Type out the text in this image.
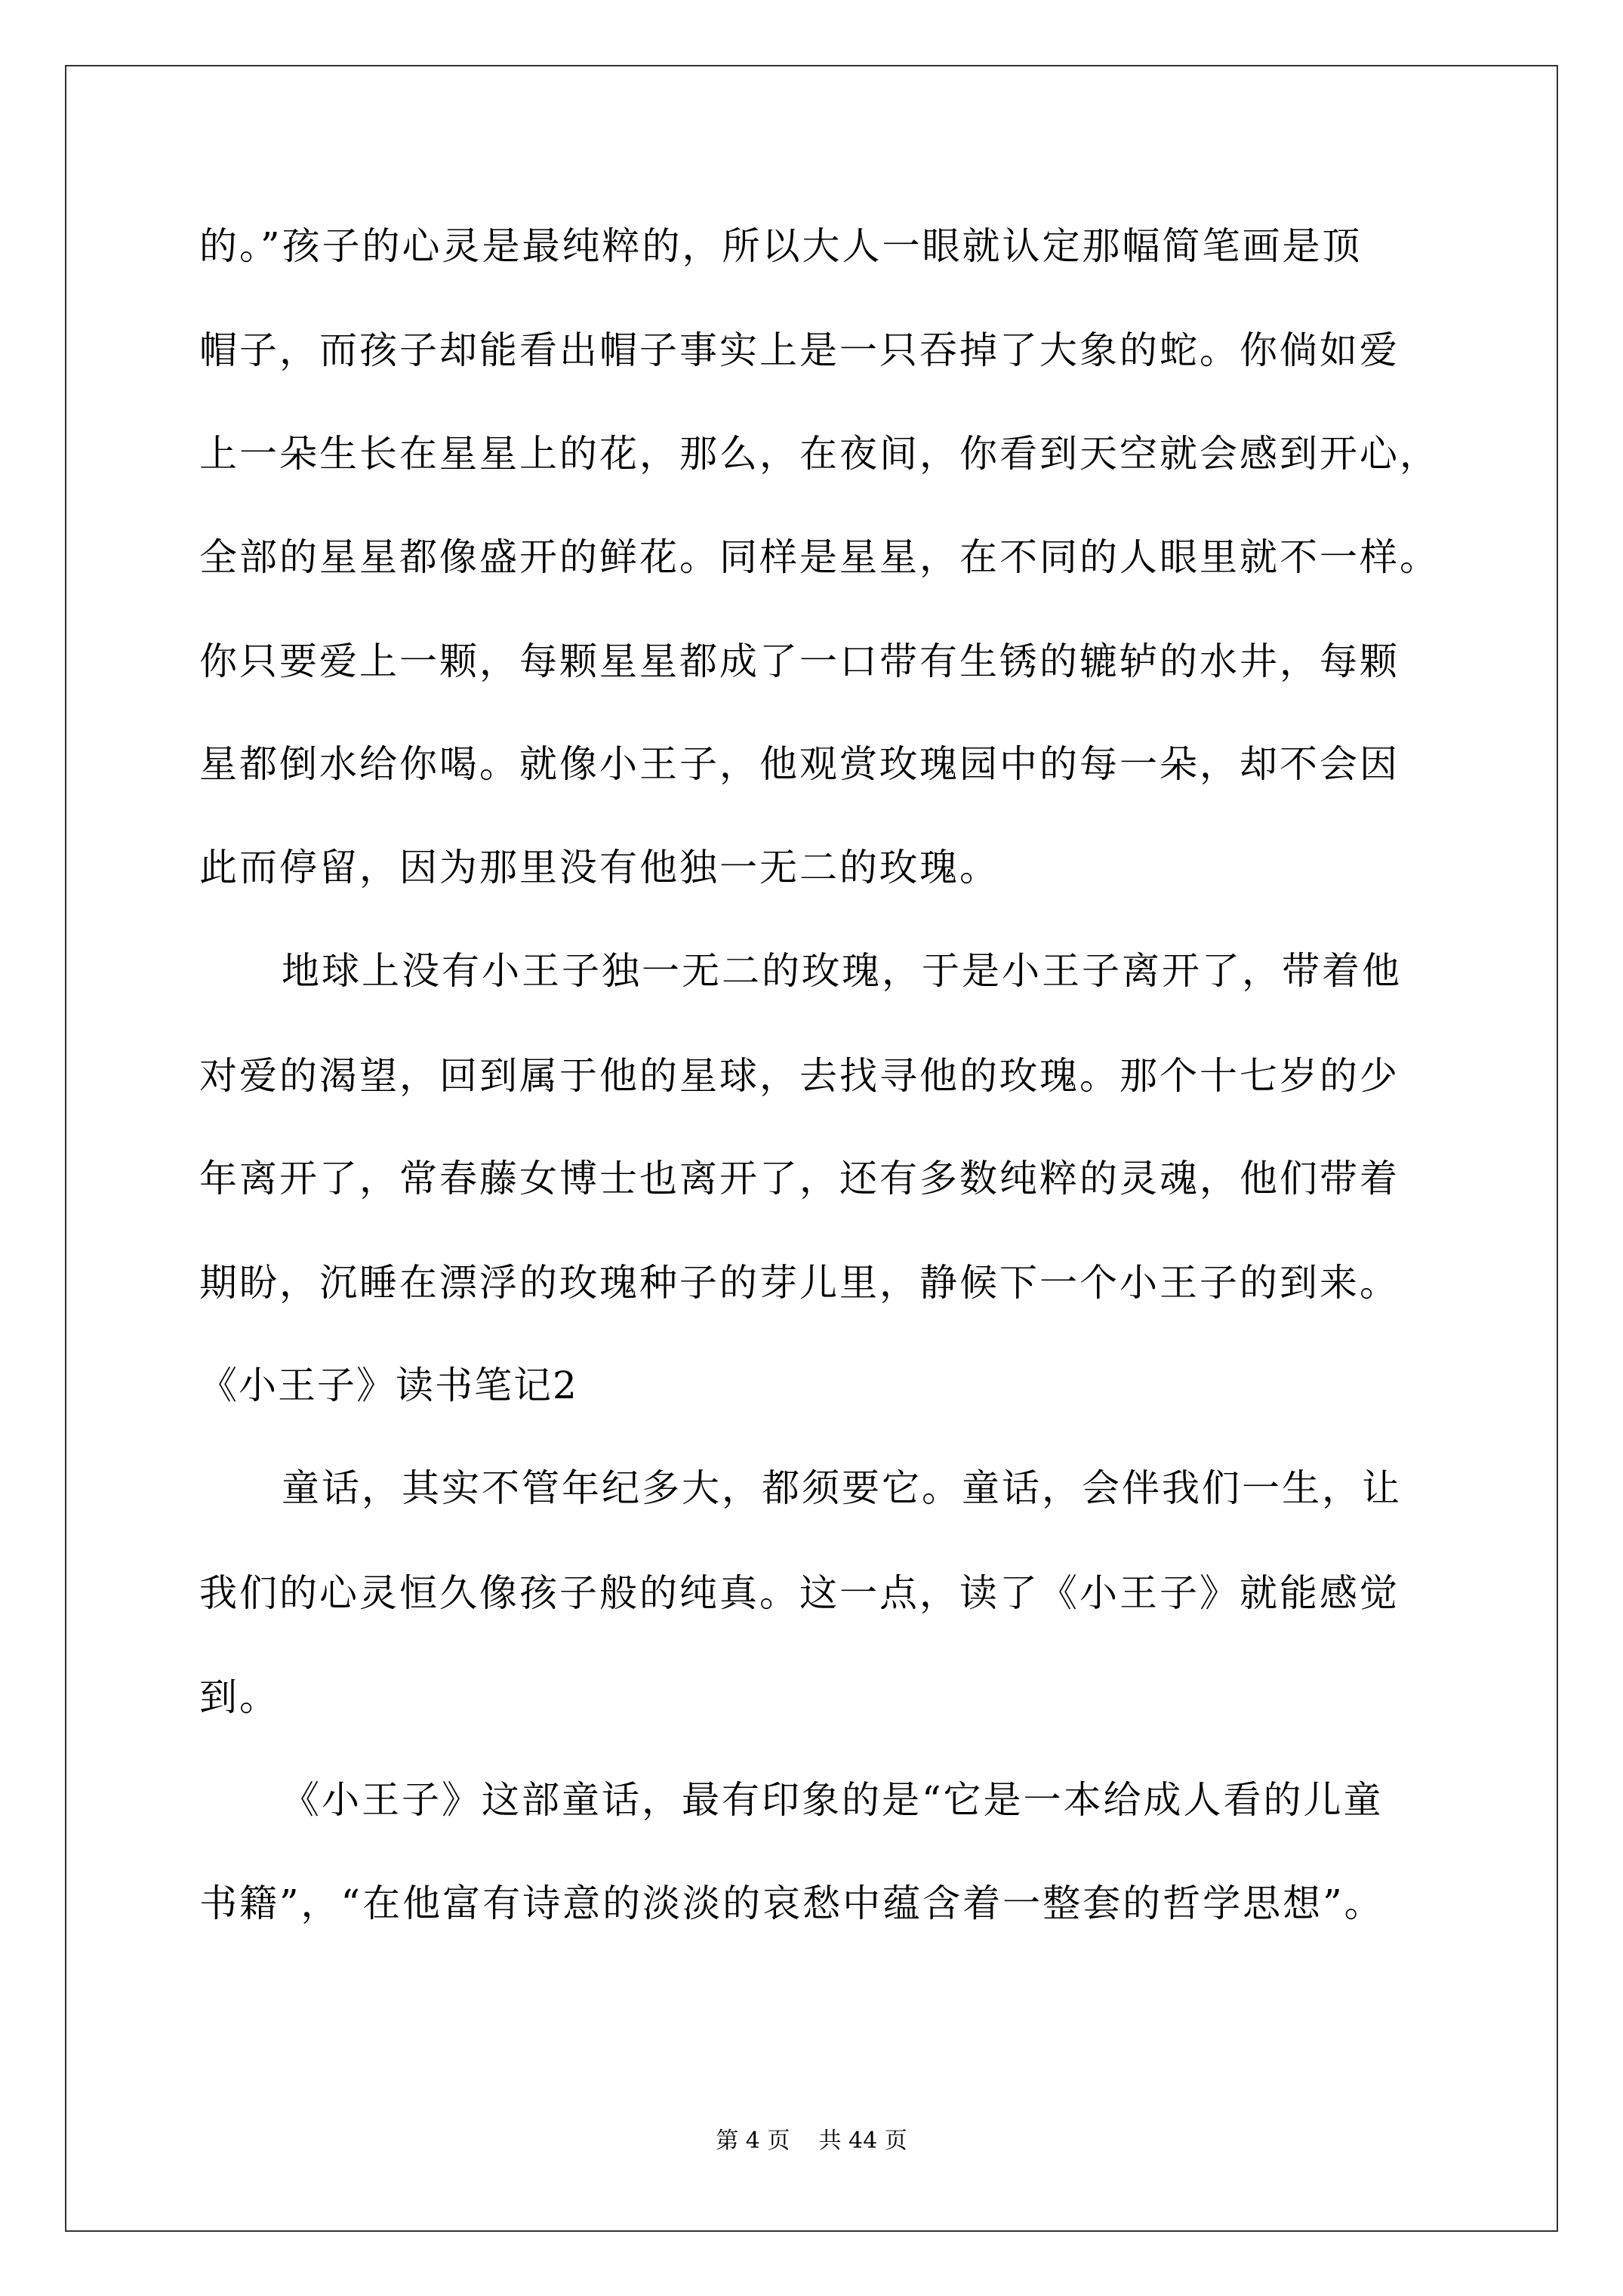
的。”孩子的心灵是最纯粹的，所以大人一眼就认定那幅简笔画是顶
帽子，而孩子却能看出帽子事实上是一只吞掉了大象的蛇。你倘如爱
上一朵生长在星星上的花，那么，在夜间，你看到天空就会感到开心，
全部的星星都像盛开的鲜花。同样是星星，在不同的人眼里就不一样。
你只要爱上一颗，每颗星星都成了一口带有生锈的辘轳的水井，每颗
星都倒水给你喝。就像小王子，他观赏玫瑰园中的每一朵，却不会因
此而停留，因为那里没有他独一无二的玫瑰。
地球上没有小王子独一无二的玫瑰，于是小王子离开了，带着他
对爱的渴望，回到属于他的星球，去找寻他的玫瑰。那个十七岁的少
年离开了，常春藤女博士也离开了，还有多数纯粹的灵魂，他们带着
期盼，沉睡在漂浮的玫瑰种子的芽儿里，静候下一个小王子的到来。
《小王子》读书笔记2
童话，其实不管年纪多大，都须要它。童话，会伴我们一生，让
我们的心灵恒久像孩子般的纯真。这一点，读了《小王子》就能感觉
到。
《小王子》这部童话，最有印象的是“它是一本给成人看的儿童
书籍”，“在他富有诗意的淡淡的哀愁中蕴含着一整套的哲学思想”。
第 4 页    共 44 页
